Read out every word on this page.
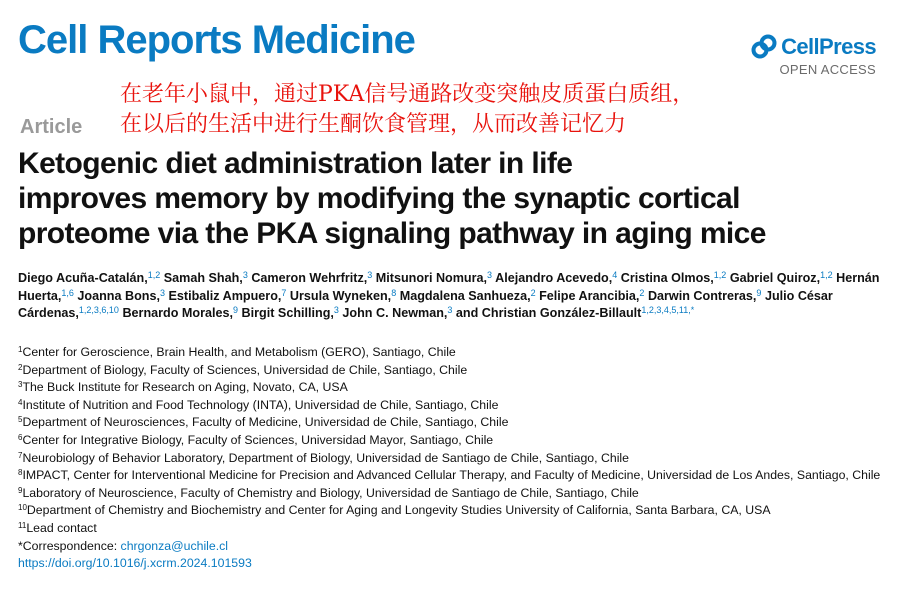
Cell Reports Medicine	CellPress
OPEN ACCESS
在老年小鼠中，通过PKA信号通路改变突触皮质蛋白质组，
在以后的生活中进行生酮饮食管理，从而改善记忆力
Article
Ketogenic diet administration later in life
improves memory by modifying the synaptic cortical
proteome via the PKA signaling pathway in aging mice
Diego Acuña-Catalán,$^{1,2}$ Samah Shah,$^3$ Cameron Wehrfritz,$^3$ Mitsunori Nomura,$^3$ Alejandro Acevedo,$^4$ Cristina Olmos,$^{1,2}$ Gabriel Quiroz,$^{1,2}$ Hernán Huerta,$^{1,6}$ Joanna Bons,$^3$ Estibaliz Ampuero,$^7$ Ursula Wyneken,$^8$ Magdalena Sanhueza,$^2$ Felipe Arancibia,$^2$ Darwin Contreras,$^9$ Julio César Cárdenas,$^{1,2,3,6,10}$ Bernardo Morales,$^9$ Birgit Schilling,$^3$ John C. Newman,$^3$ and Christian González-Billault$^{1,2,3,4,5,11,*}$
$^1$Center for Geroscience, Brain Health, and Metabolism (GERO), Santiago, Chile
$^2$Department of Biology, Faculty of Sciences, Universidad de Chile, Santiago, Chile
$^3$The Buck Institute for Research on Aging, Novato, CA, USA
$^4$Institute of Nutrition and Food Technology (INTA), Universidad de Chile, Santiago, Chile
$^5$Department of Neurosciences, Faculty of Medicine, Universidad de Chile, Santiago, Chile
$^6$Center for Integrative Biology, Faculty of Sciences, Universidad Mayor, Santiago, Chile
$^7$Neurobiology of Behavior Laboratory, Department of Biology, Universidad de Santiago de Chile, Santiago, Chile
$^8$IMPACT, Center for Interventional Medicine for Precision and Advanced Cellular Therapy, and Faculty of Medicine, Universidad de Los Andes, Santiago, Chile
$^9$Laboratory of Neuroscience, Faculty of Chemistry and Biology, Universidad de Santiago de Chile, Santiago, Chile
$^{10}$Department of Chemistry and Biochemistry and Center for Aging and Longevity Studies University of California, Santa Barbara, CA, USA
$^{11}$Lead contact
*Correspondence: chrgonza@uchile.cl
https://doi.org/10.1016/j.xcrm.2024.101593
